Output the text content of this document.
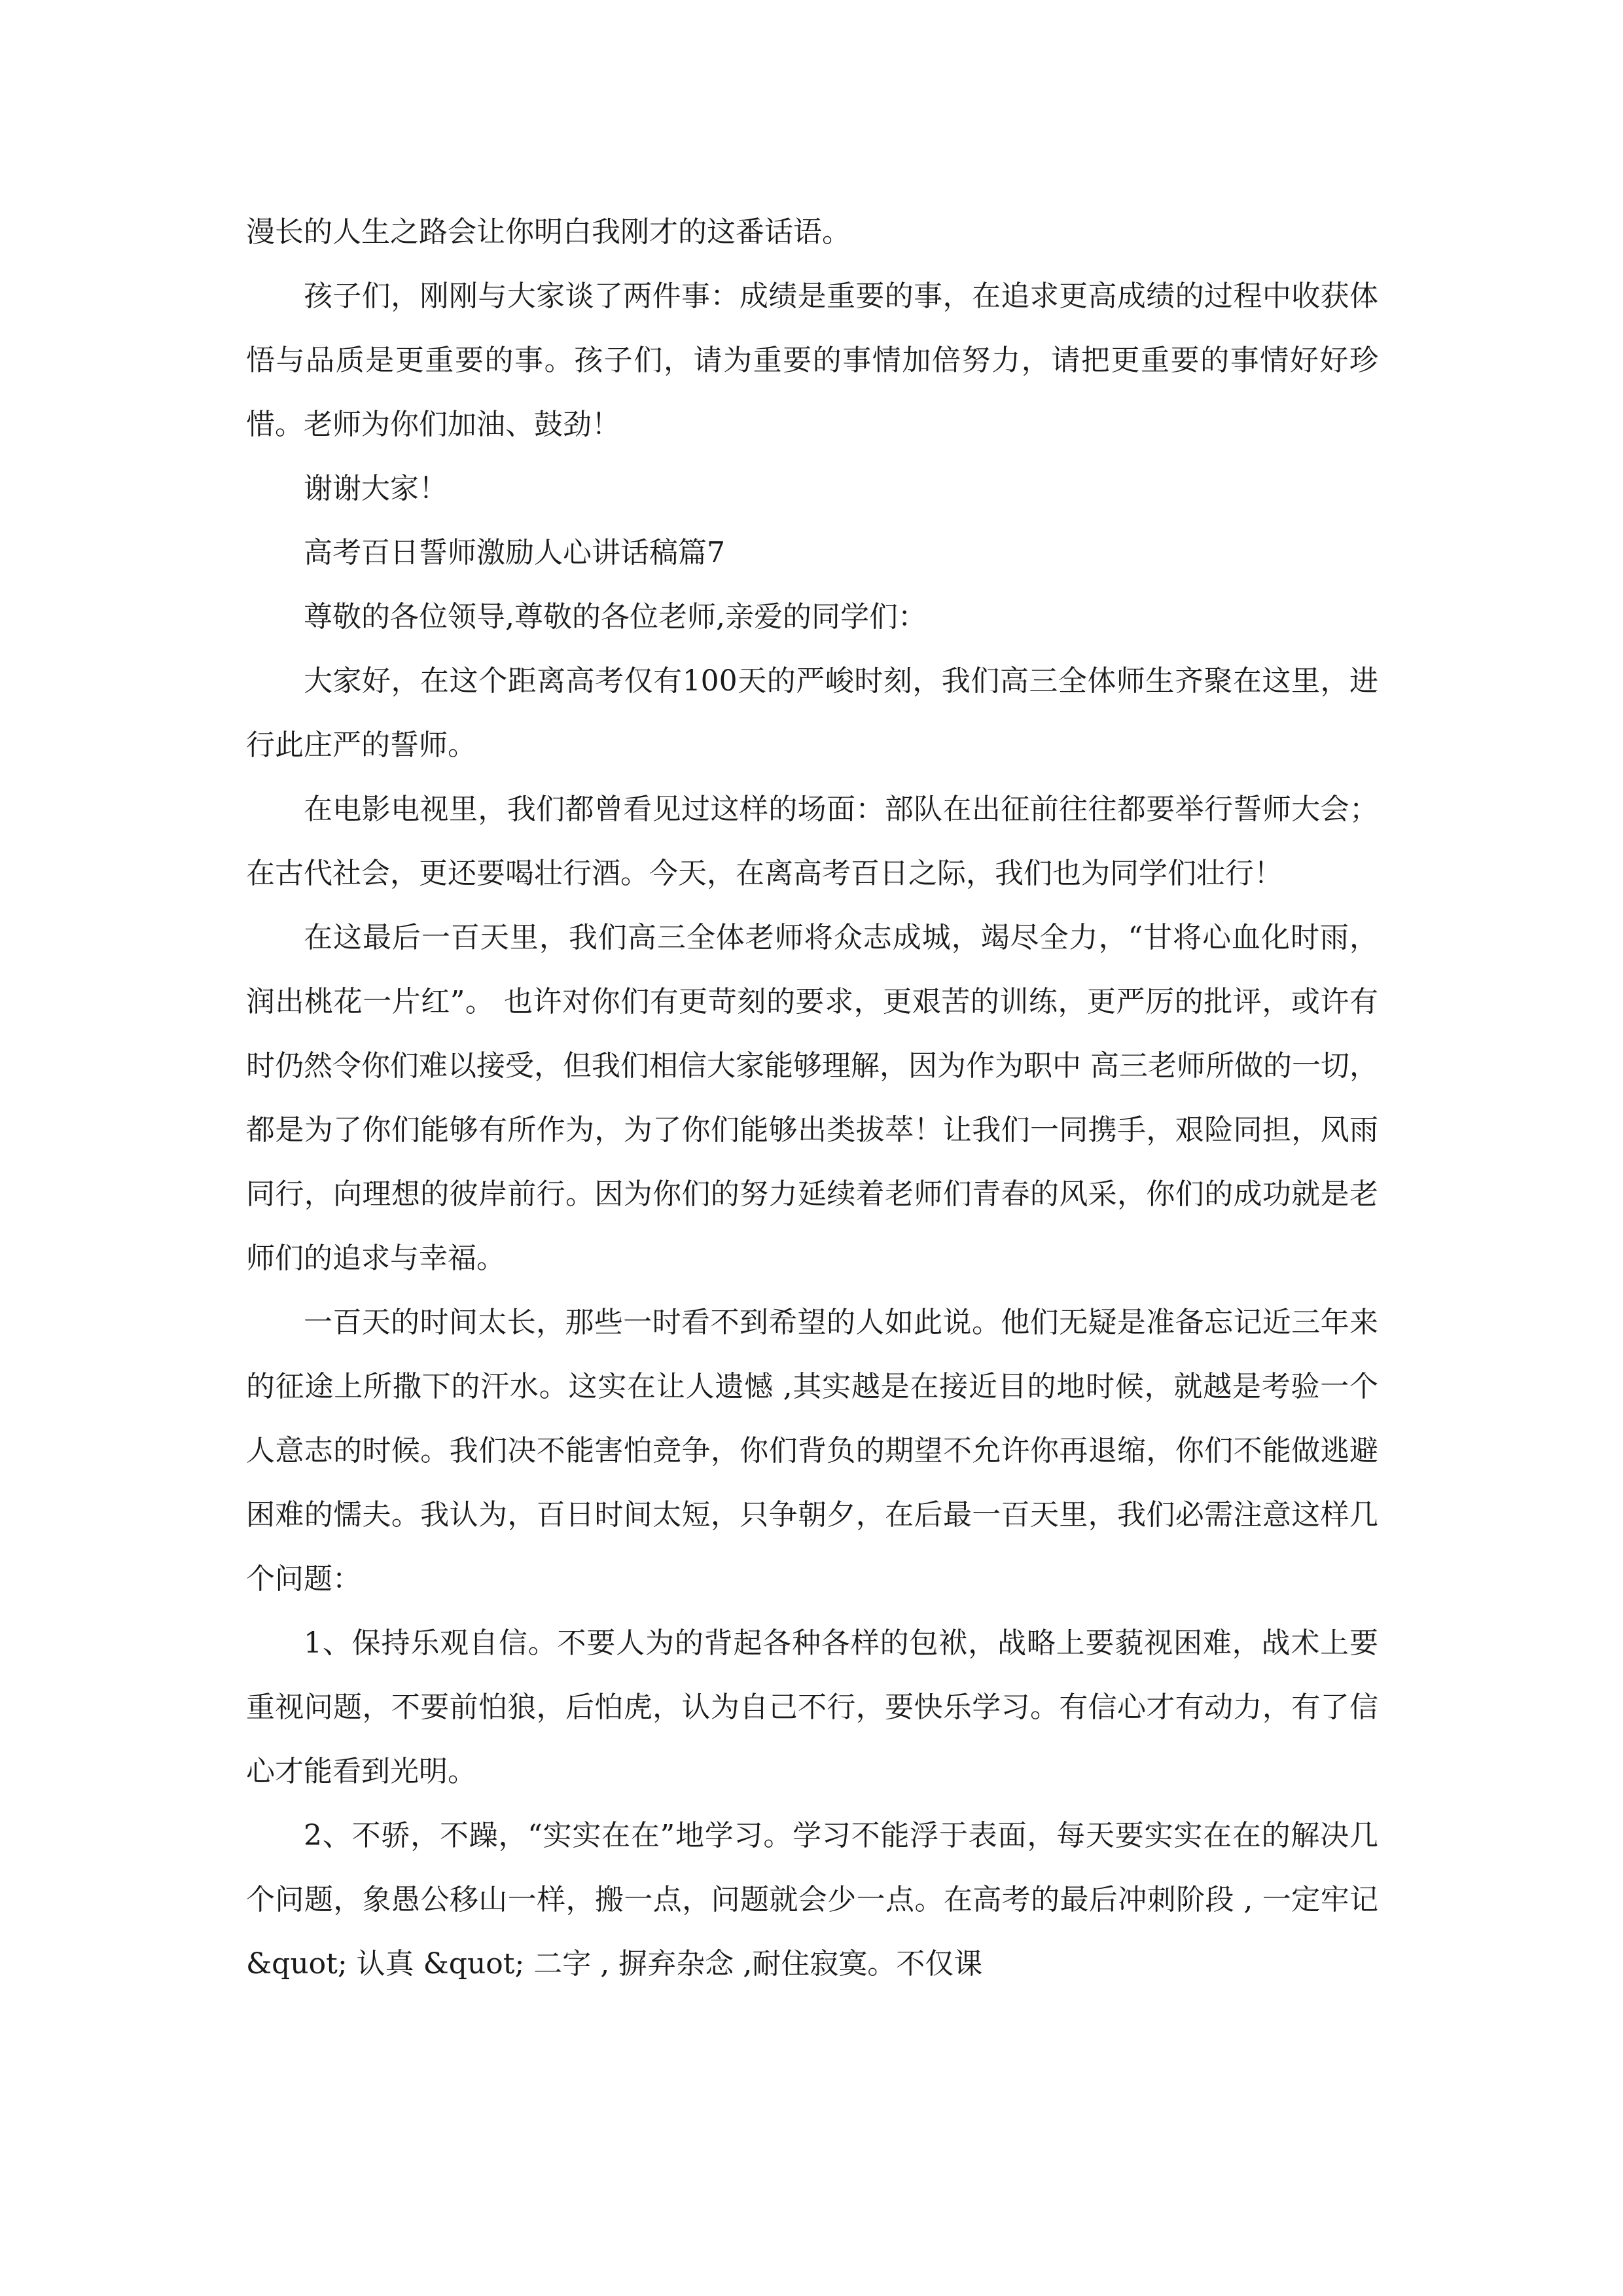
漫长的人生之路会让你明白我刚才的这番话语。

孩子们，刚刚与大家谈了两件事：成绩是重要的事，在追求更高成绩的过程中收获体悟与品质是更重要的事。孩子们，请为重要的事情加倍努力，请把更重要的事情好好珍惜。老师为你们加油、鼓劲！

谢谢大家！

高考百日誓师激励人心讲话稿篇7

尊敬的各位领导,尊敬的各位老师,亲爱的同学们：

大家好，在这个距离高考仅有100天的严峻时刻，我们高三全体师生齐聚在这里，进行此庄严的誓师。

在电影电视里，我们都曾看见过这样的场面：部队在出征前往往都要举行誓师大会；在古代社会，更还要喝壮行酒。今天，在离高考百日之际，我们也为同学们壮行！

在这最后一百天里，我们高三全体老师将众志成城，竭尽全力，“甘将心血化时雨，润出桃花一片红”。 也许对你们有更苛刻的要求，更艰苦的训练，更严厉的批评，或许有时仍然令你们难以接受，但我们相信大家能够理解，因为作为职中 高三老师所做的一切，都是为了你们能够有所作为，为了你们能够出类拔萃！让我们一同携手，艰险同担，风雨同行，向理想的彼岸前行。因为你们的努力延续着老师们青春的风采，你们的成功就是老师们的追求与幸福。

一百天的时间太长，那些一时看不到希望的人如此说。他们无疑是准备忘记近三年来的征途上所撒下的汗水。这实在让人遗憾 ,其实越是在接近目的地时候，就越是考验一个人意志的时候。我们决不能害怕竞争，你们背负的期望不允许你再退缩，你们不能做逃避困难的懦夫。我认为，百日时间太短，只争朝夕，在后最一百天里，我们必需注意这样几个问题：

1、保持乐观自信。不要人为的背起各种各样的包袱，战略上要藐视困难，战术上要重视问题，不要前怕狼，后怕虎，认为自己不行，要快乐学习。有信心才有动力，有了信心才能看到光明。

2、不骄，不躁，“实实在在”地学习。学习不能浮于表面，每天要实实在在的解决几个问题，象愚公移山一样，搬一点，问题就会少一点。在高考的最后冲刺阶段 , 一定牢记 &quot; 认真 &quot; 二字 , 摒弃杂念 ,耐住寂寞。不仅课
